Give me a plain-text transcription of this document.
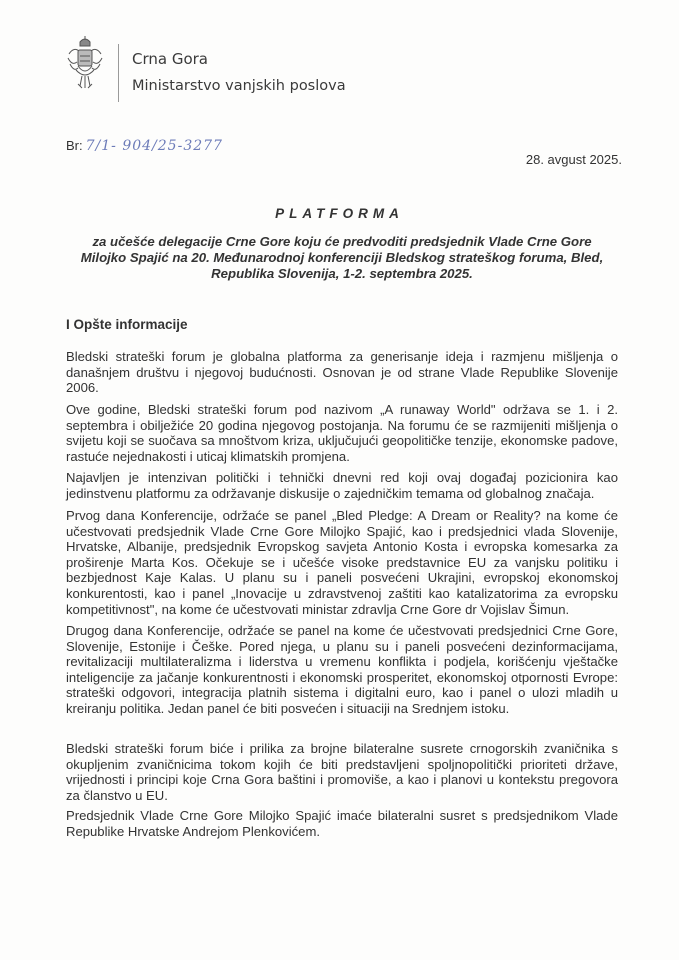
Crna Gora
Ministarstvo vanjskih poslova
Br: 7/1- 904/25-3277
28. avgust 2025.
PLATFORMA
za učešće delegacije Crne Gore koju će predvoditi predsjednik Vlade Crne Gore Milojko Spajić na 20. Međunarodnoj konferenciji Bledskog strateškog foruma, Bled, Republika Slovenija, 1-2. septembra 2025.
I Opšte informacije
Bledski strateški forum je globalna platforma za generisanje ideja i razmjenu mišljenja o današnjem društvu i njegovoj budućnosti. Osnovan je od strane Vlade Republike Slovenije 2006.
Ove godine, Bledski strateški forum pod nazivom „A runaway World" održava se 1. i 2. septembra i obilježiće 20 godina njegovog postojanja. Na forumu će se razmijeniti mišljenja o svijetu koji se suočava sa mnoštvom kriza, uključujući geopolitičke tenzije, ekonomske padove, rastuće nejednakosti i uticaj klimatskih promjena.
Najavljen je intenzivan politički i tehnički dnevni red koji ovaj događaj pozicionira kao jedinstvenu platformu za održavanje diskusije o zajedničkim temama od globalnog značaja.
Prvog dana Konferencije, održaće se panel „Bled Pledge: A Dream or Reality? na kome će učestvovati predsjednik Vlade Crne Gore Milojko Spajić, kao i predsjednici vlada Slovenije, Hrvatske, Albanije, predsjednik Evropskog savjeta Antonio Kosta i evropska komesarka za proširenje Marta Kos. Očekuje se i učešće visoke predstavnice EU za vanjsku politiku i bezbjednost Kaje Kalas. U planu su i paneli posvećeni Ukrajini, evropskoj ekonomskoj konkurentosti, kao i panel „Inovacije u zdravstvenoj zaštiti kao katalizatorima za evropsku kompetitivnost", na kome će učestvovati ministar zdravlja Crne Gore dr Vojislav Šimun.
Drugog dana Konferencije, održaće se panel na kome će učestvovati predsjednici Crne Gore, Slovenije, Estonije i Češke. Pored njega, u planu su i paneli posvećeni dezinformacijama, revitalizaciji multilateralizma i liderstva u vremenu konflikta i podjela, korišćenju vještačke inteligencije za jačanje konkurentnosti i ekonomski prosperitet, ekonomskoj otpornosti Evrope: strateški odgovori, integracija platnih sistema i digitalni euro, kao i panel o ulozi mladih u kreiranju politika. Jedan panel će biti posvećen i situaciji na Srednjem istoku.
Bledski strateški forum biće i prilika za brojne bilateralne susrete crnogorskih zvaničnika s okupljenim zvaničnicima tokom kojih će biti predstavljeni spoljnopolitički prioriteti države, vrijednosti i principi koje Crna Gora baštini i promoviše, a kao i planovi u kontekstu pregovora za članstvo u EU.
Predsjednik Vlade Crne Gore Milojko Spajić imaće bilateralni susret s predsjednikom Vlade Republike Hrvatske Andrejom Plenkovićem.
